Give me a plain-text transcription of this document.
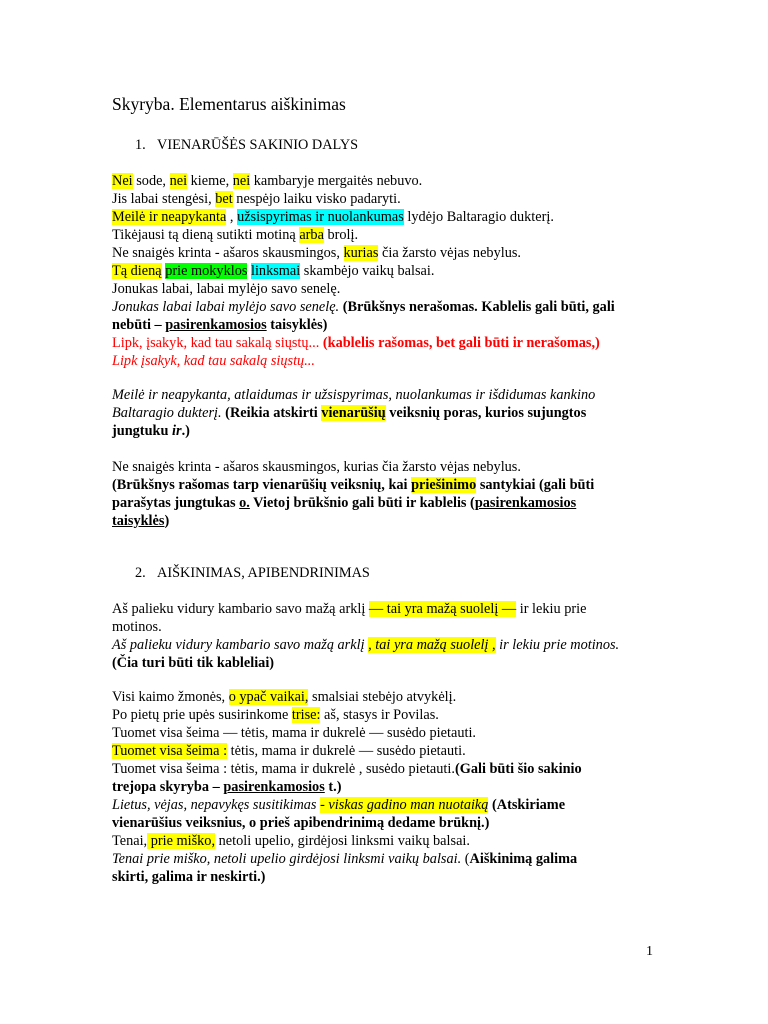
Skyryba. Elementarus aiškinimas
1. VIENARŪŠĖS SAKINIO DALYS
Nei sode, nei kieme, nei kambaryje mergaitės nebuvo.
Jis labai stengėsi, bet nespėjo laiku visko padaryti.
Meilė ir neapykanta , užsispyrimas ir nuolankumas lydėjo Baltaragio dukterį.
Tikėjausi tą dieną sutikti motiną arba brolį.
Ne snaigės krinta - ašaros skausmingos, kurias čia žarsto vėjas nebylus.
Tą dieną prie mokyklos linksmai skambėjo vaikų balsai.
Jonukas labai, labai mylėjo savo senelę.
Jonukas labai labai mylėjo savo senelę. (Brūkšnys nerašomas. Kablelis gali būti, gali
nebūti – pasirenkamosios taisyklės)
Lipk, įsakyk, kad tau sakalą siųstų... (kablelis rašomas, bet gali būti ir nerašomas,)
Lipk įsakyk, kad tau sakalą siųstų...
Meilė ir neapykanta, atlaidumas ir užsispyrimas, nuolankumas ir išdidumas kankino
Baltaragio dukterį. (Reikia atskirti vienarūšių veiksnių poras, kurios sujungtos
jungtuku ir.)
Ne snaigės krinta - ašaros skausmingos, kurias čia žarsto vėjas nebylus.
(Brūkšnys rašomas tarp vienarūšių veiksnių, kai priešinimo santykiai (gali būti
parašytas jungtukas o. Vietoj brūkšnio gali būti ir kablelis (pasirenkamosios
taisyklės)
2. AIŠKINIMAS, APIBENDRINIMAS
Aš palieku vidury kambario savo mažą arklį — tai yra mažą suolelį — ir lekiu prie
motinos.
Aš palieku vidury kambario savo mažą arklį , tai yra mažą suolelį , ir lekiu prie motinos.
(Čia turi būti tik kableliai)
Visi kaimo žmonės, o ypač vaikai, smalsiai stebėjo atvykėlį.
Po pietų prie upės susirinkome trise: aš, stasys ir Povilas.
Tuomet visa šeima — tėtis, mama ir dukrelė — susėdo pietauti.
Tuomet visa šeima : tėtis, mama ir dukrelė — susėdo pietauti.
Tuomet visa šeima : tėtis, mama ir dukrelė , susėdo pietauti.(Gali būti šio sakinio
trejopa skyryba – pasirenkamosios t.)
Lietus, vėjas, nepavykęs susitikimas - viskas gadino man nuotaiką (Atskiriame
vienarūšius veiksnius, o prieš apibendrinimą dedame brūknį.)
Tenai, prie miško, netoli upelio, girdėjosi linksmi vaikų balsai.
Tenai prie miško, netoli upelio girdėjosi linksmi vaikų balsai. (Aiškinimą galima
skirti, galima ir neskirti.)
1
